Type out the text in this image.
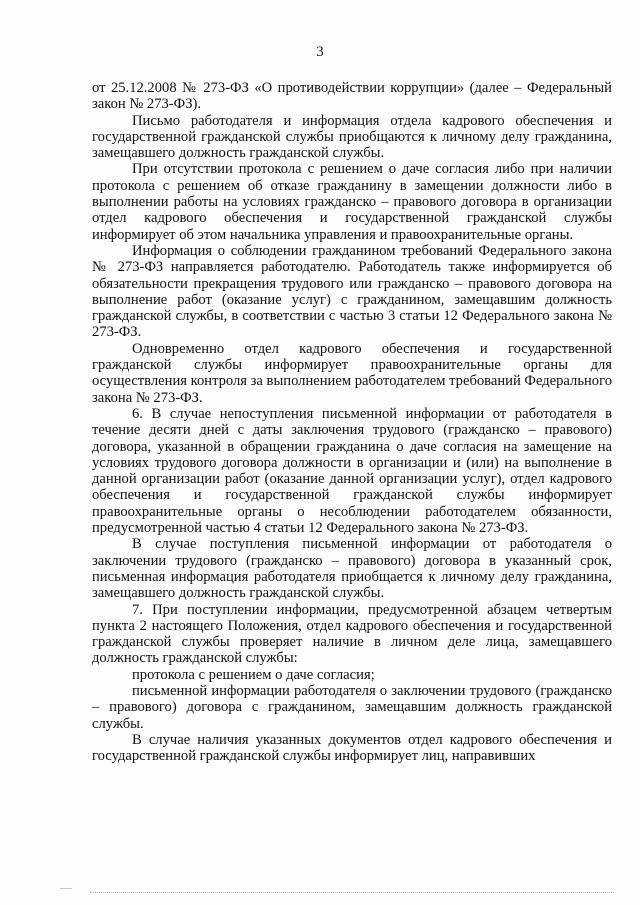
3

от 25.12.2008 № 273-ФЗ «О противодействии коррупции» (далее – Федеральный закон № 273-ФЗ).

Письмо работодателя и информация отдела кадрового обеспечения и государственной гражданской службы приобщаются к личному делу гражданина, замещавшего должность гражданской службы.

При отсутствии протокола с решением о даче согласия либо при наличии протокола с решением об отказе гражданину в замещении должности либо в выполнении работы на условиях гражданско – правового договора в организации отдел кадрового обеспечения и государственной гражданской службы информирует об этом начальника управления и правоохранительные органы.

Информация о соблюдении гражданином требований Федерального закона № 273-ФЗ направляется работодателю. Работодатель также информируется об обязательности прекращения трудового или гражданско – правового договора на выполнение работ (оказание услуг) с гражданином, замещавшим должность гражданской службы, в соответствии с частью 3 статьи 12 Федерального закона № 273-ФЗ.

Одновременно отдел кадрового обеспечения и государственной гражданской службы информирует правоохранительные органы для осуществления контроля за выполнением работодателем требований Федерального закона № 273-ФЗ.

6. В случае непоступления письменной информации от работодателя в течение десяти дней с даты заключения трудового (гражданско – правового) договора, указанной в обращении гражданина о даче согласия на замещение на условиях трудового договора должности в организации и (или) на выполнение в данной организации работ (оказание данной организации услуг), отдел кадрового обеспечения и государственной гражданской службы информирует правоохранительные органы о несоблюдении работодателем обязанности, предусмотренной частью 4 статьи 12 Федерального закона № 273-ФЗ.

В случае поступления письменной информации от работодателя о заключении трудового (гражданско – правового) договора в указанный срок, письменная информация работодателя приобщается к личному делу гражданина, замещавшего должность гражданской службы.

7. При поступлении информации, предусмотренной абзацем четвертым пункта 2 настоящего Положения, отдел кадрового обеспечения и государственной гражданской службы проверяет наличие в личном деле лица, замещавшего должность гражданской службы:

протокола с решением о даче согласия;

письменной информации работодателя о заключении трудового (гражданско – правового) договора с гражданином, замещавшим должность гражданской службы.

В случае наличия указанных документов отдел кадрового обеспечения и государственной гражданской службы информирует лиц, направивших
